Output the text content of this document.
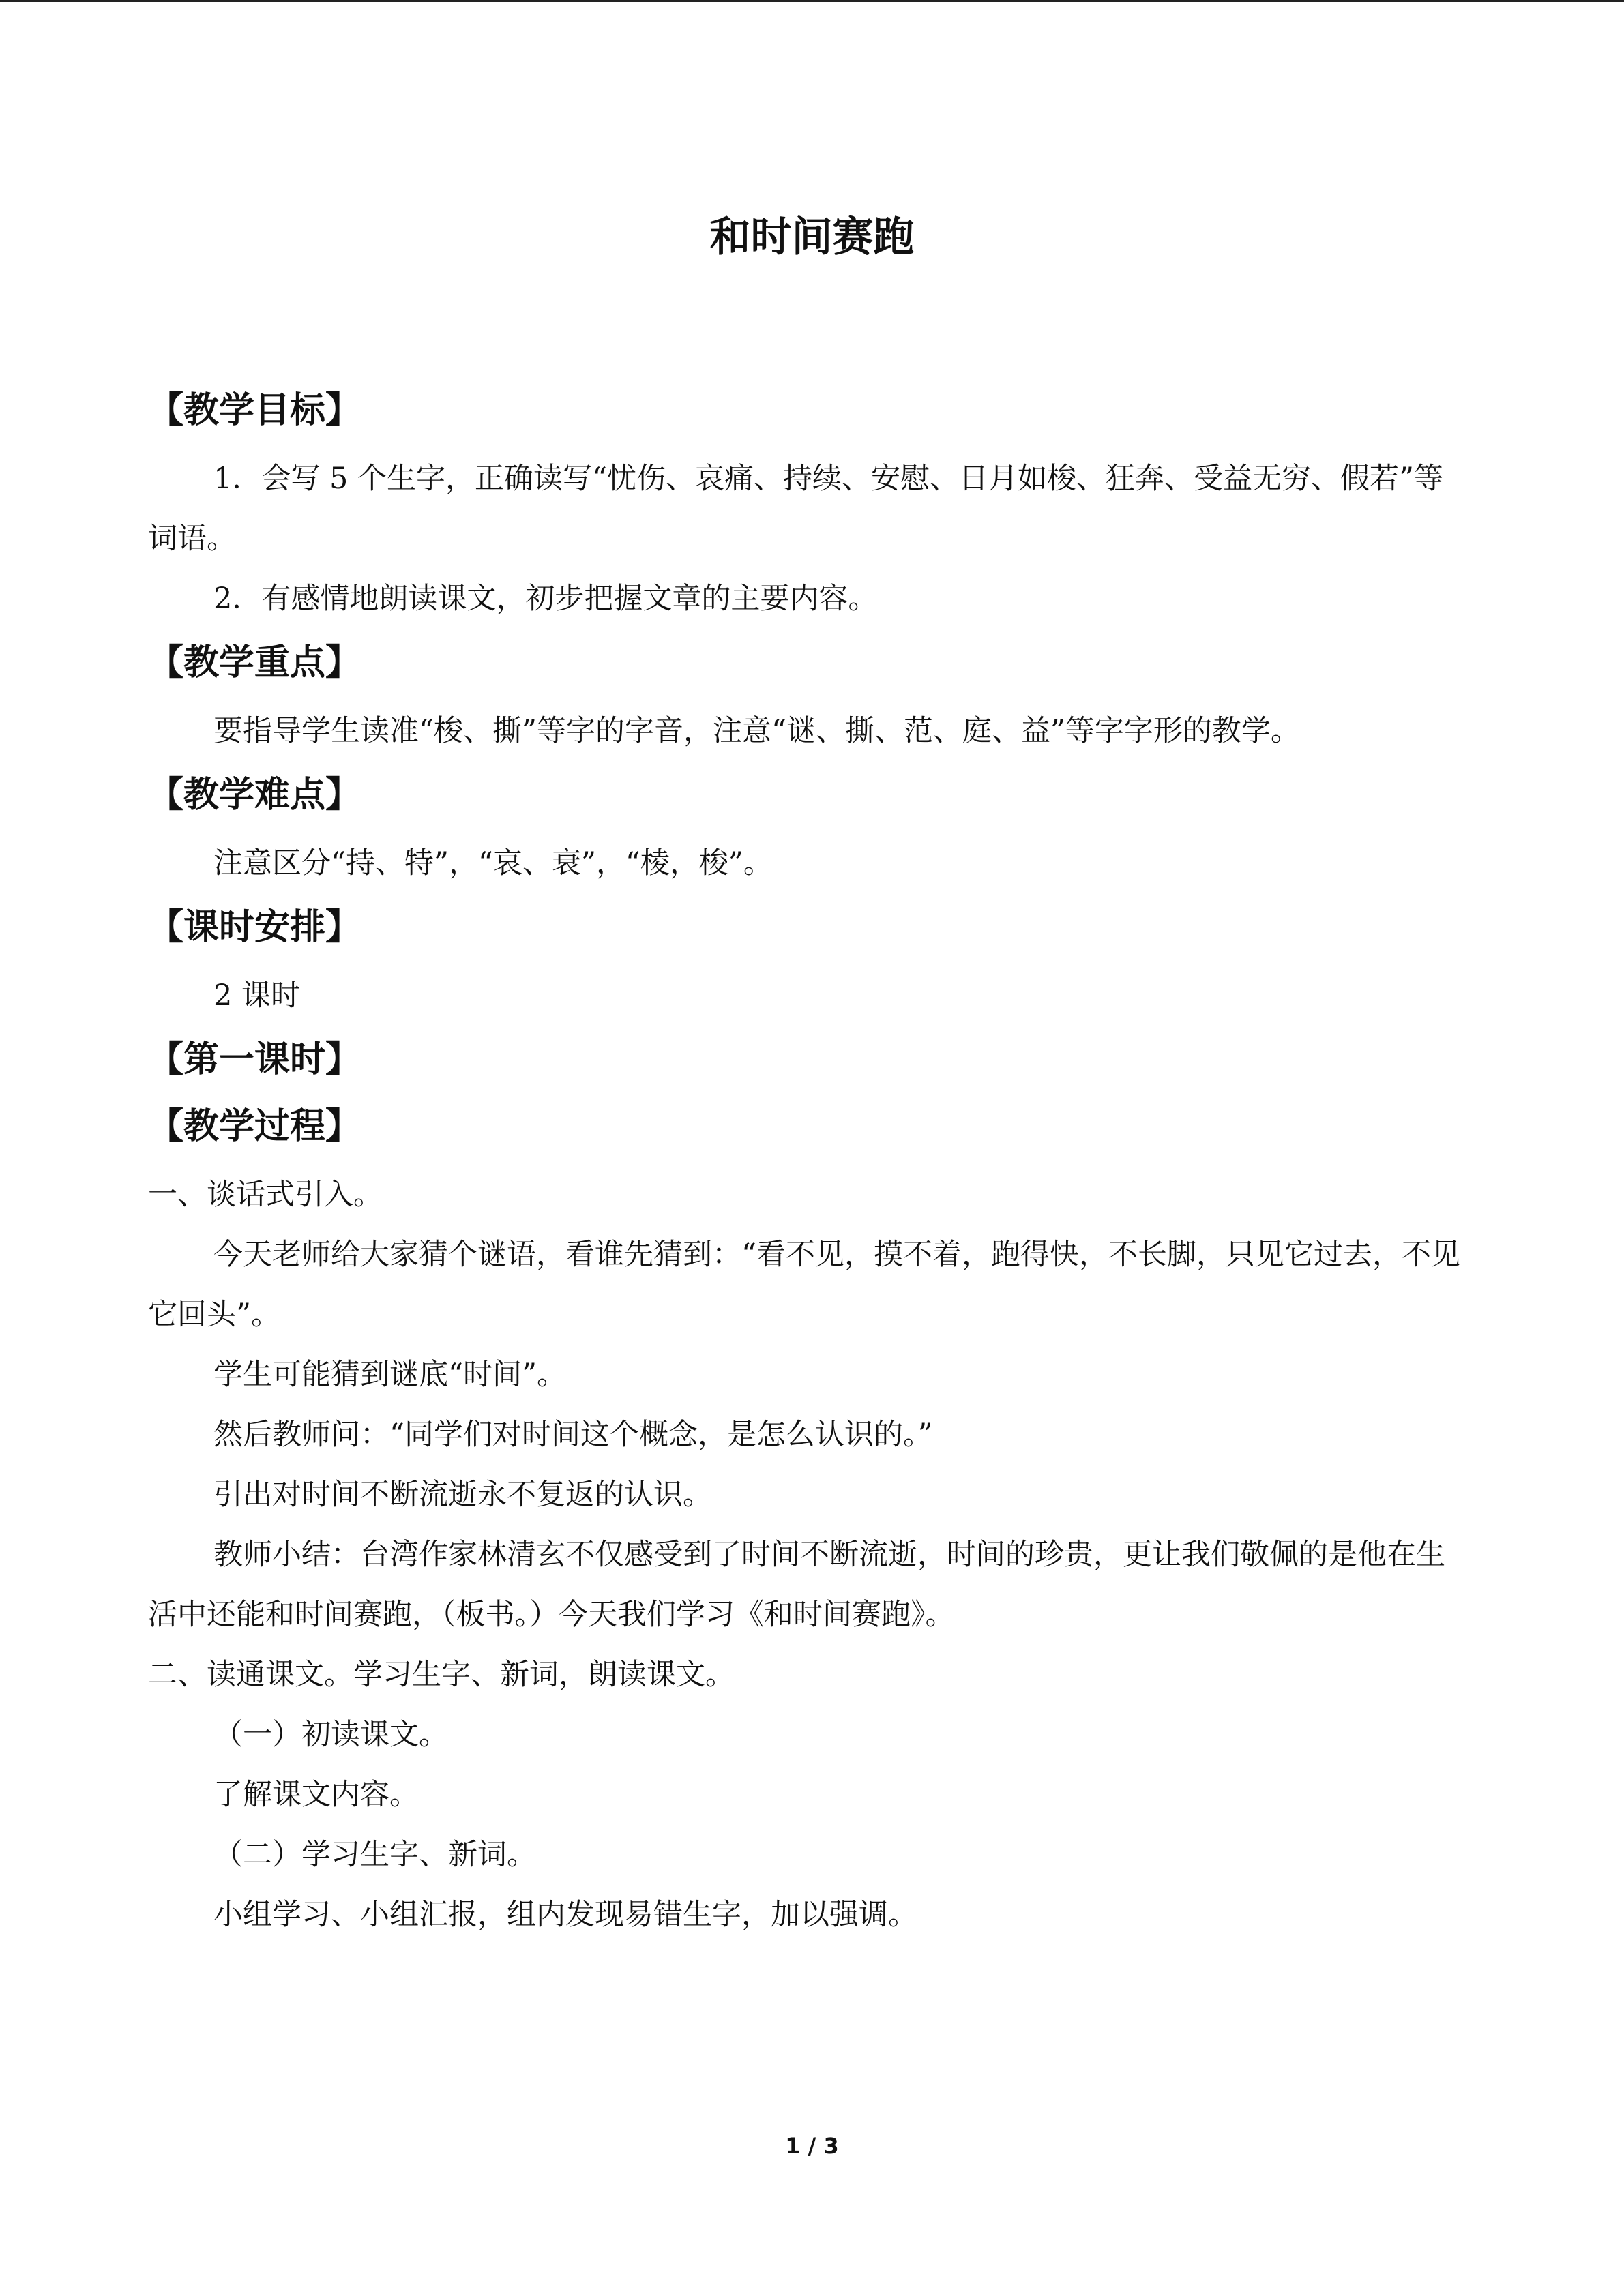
和时间赛跑
【教学目标】

1．会写 5 个生字，正确读写“忧伤、哀痛、持续、安慰、日月如梭、狂奔、受益无穷、假若”等词语。

2．有感情地朗读课文，初步把握文章的主要内容。

【教学重点】

要指导学生读准“梭、撕”等字的字音，注意“谜、撕、范、庭、益”等字字形的教学。

【教学难点】

注意区分“持、特”，“哀、衰”，“棱，梭”。

【课时安排】

2 课时

【第一课时】
【教学过程】

一、谈话式引入。

今天老师给大家猜个谜语，看谁先猜到：“看不见，摸不着，跑得快，不长脚，只见它过去，不见它回头”。

学生可能猜到谜底“时间”。

然后教师问：“同学们对时间这个概念，是怎么认识的。”

引出对时间不断流逝永不复返的认识。

教师小结：台湾作家林清玄不仅感受到了时间不断流逝，时间的珍贵，更让我们敬佩的是他在生活中还能和时间赛跑，（板书。）今天我们学习《和时间赛跑》。

二、读通课文。学习生字、新词，朗读课文。

（一）初读课文。

了解课文内容。

（二）学习生字、新词。

小组学习、小组汇报，组内发现易错生字，加以强调。

1 / 3
